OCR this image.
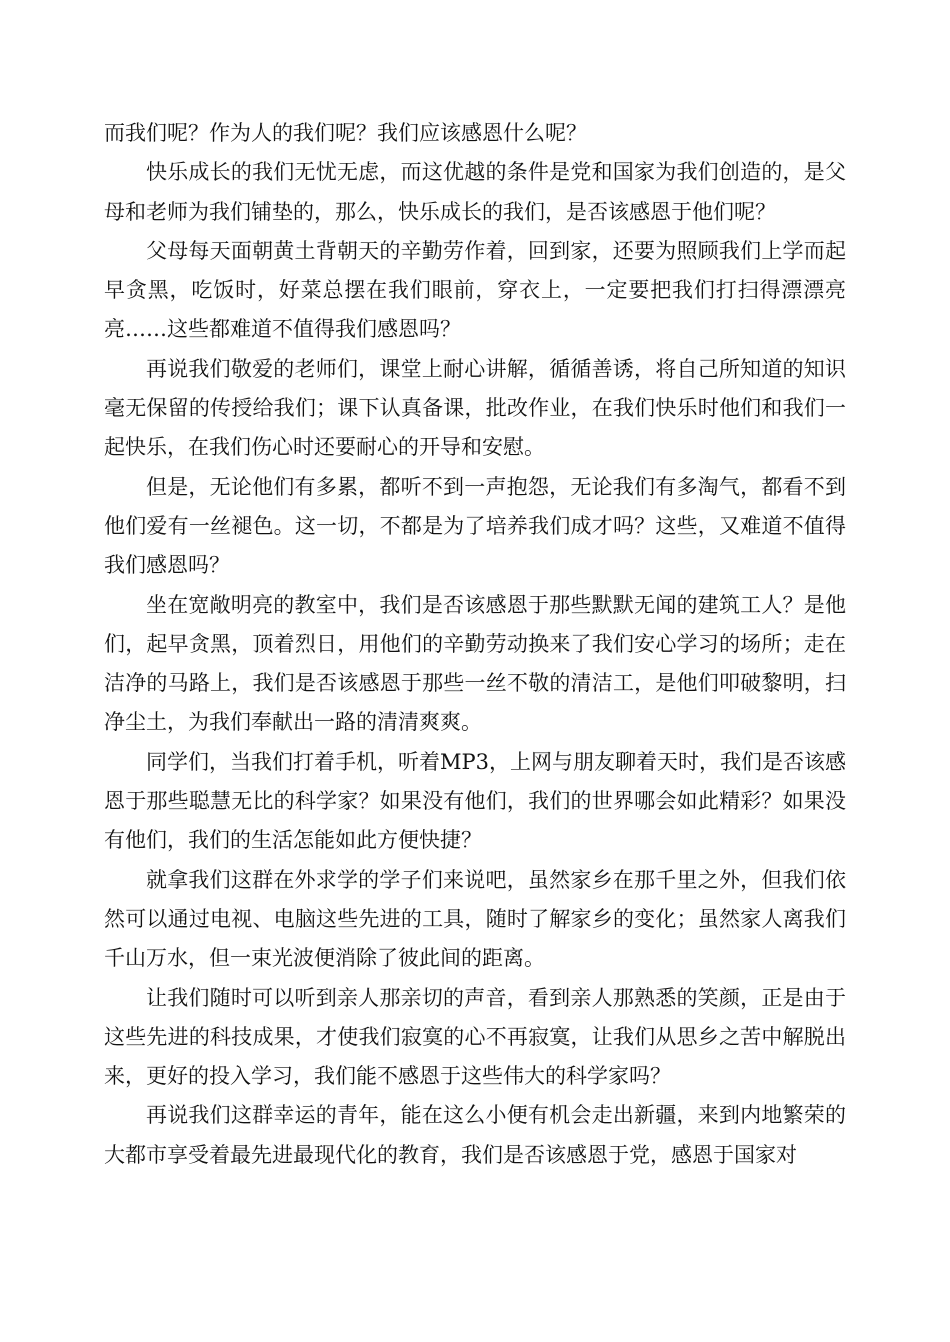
而我们呢？作为人的我们呢？我们应该感恩什么呢？

快乐成长的我们无忧无虑，而这优越的条件是党和国家为我们创造的，是父母和老师为我们铺垫的，那么，快乐成长的我们，是否该感恩于他们呢？

父母每天面朝黄土背朝天的辛勤劳作着，回到家，还要为照顾我们上学而起早贪黑，吃饭时，好菜总摆在我们眼前，穿衣上，一定要把我们打扫得漂漂亮亮……这些都难道不值得我们感恩吗？

再说我们敬爱的老师们，课堂上耐心讲解，循循善诱，将自己所知道的知识毫无保留的传授给我们；课下认真备课，批改作业，在我们快乐时他们和我们一起快乐，在我们伤心时还要耐心的开导和安慰。

但是，无论他们有多累，都听不到一声抱怨，无论我们有多淘气，都看不到他们爱有一丝褪色。这一切，不都是为了培养我们成才吗？这些，又难道不值得我们感恩吗？

坐在宽敞明亮的教室中，我们是否该感恩于那些默默无闻的建筑工人？是他们，起早贪黑，顶着烈日，用他们的辛勤劳动换来了我们安心学习的场所；走在洁净的马路上，我们是否该感恩于那些一丝不敬的清洁工，是他们叩破黎明，扫净尘土，为我们奉献出一路的清清爽爽。

同学们，当我们打着手机，听着MP3，上网与朋友聊着天时，我们是否该感恩于那些聪慧无比的科学家？如果没有他们，我们的世界哪会如此精彩？如果没有他们，我们的生活怎能如此方便快捷？

就拿我们这群在外求学的学子们来说吧，虽然家乡在那千里之外，但我们依然可以通过电视、电脑这些先进的工具，随时了解家乡的变化；虽然家人离我们千山万水，但一束光波便消除了彼此间的距离。

让我们随时可以听到亲人那亲切的声音，看到亲人那熟悉的笑颜，正是由于这些先进的科技成果，才使我们寂寞的心不再寂寞，让我们从思乡之苦中解脱出来，更好的投入学习，我们能不感恩于这些伟大的科学家吗？

再说我们这群幸运的青年，能在这么小便有机会走出新疆，来到内地繁荣的大都市享受着最先进最现代化的教育，我们是否该感恩于党，感恩于国家对
